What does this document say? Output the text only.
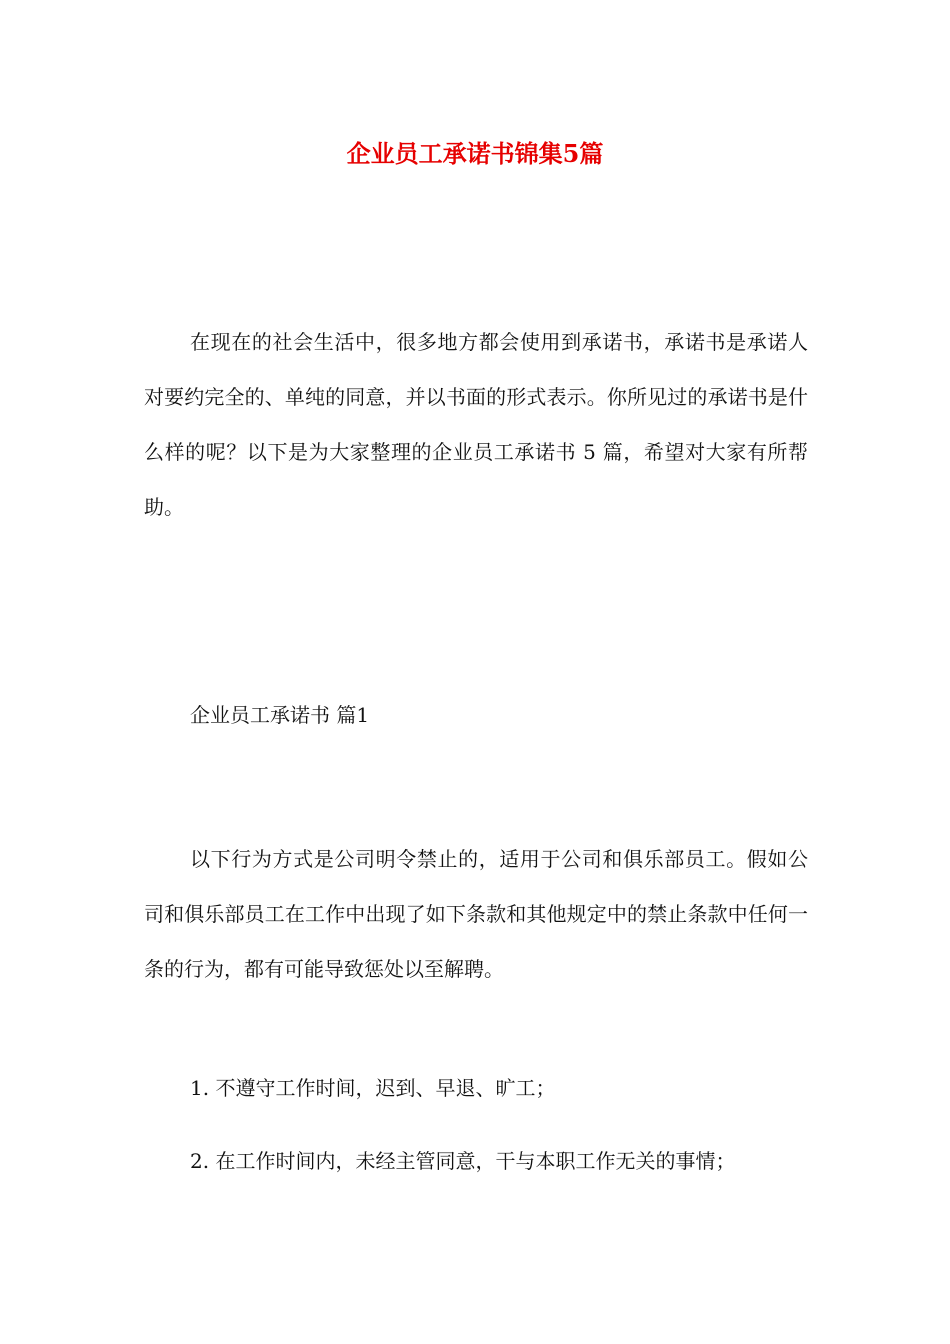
企业员工承诺书锦集5篇

在现在的社会生活中，很多地方都会使用到承诺书，承诺书是承诺人对要约完全的、单纯的同意，并以书面的形式表示。你所见过的承诺书是什么样的呢？以下是为大家整理的企业员工承诺书 5 篇，希望对大家有所帮助。

企业员工承诺书 篇1

以下行为方式是公司明令禁止的，适用于公司和俱乐部员工。假如公司和俱乐部员工在工作中出现了如下条款和其他规定中的禁止条款中任何一条的行为，都有可能导致惩处以至解聘。

1. 不遵守工作时间，迟到、早退、旷工；

2. 在工作时间内，未经主管同意，干与本职工作无关的事情；
